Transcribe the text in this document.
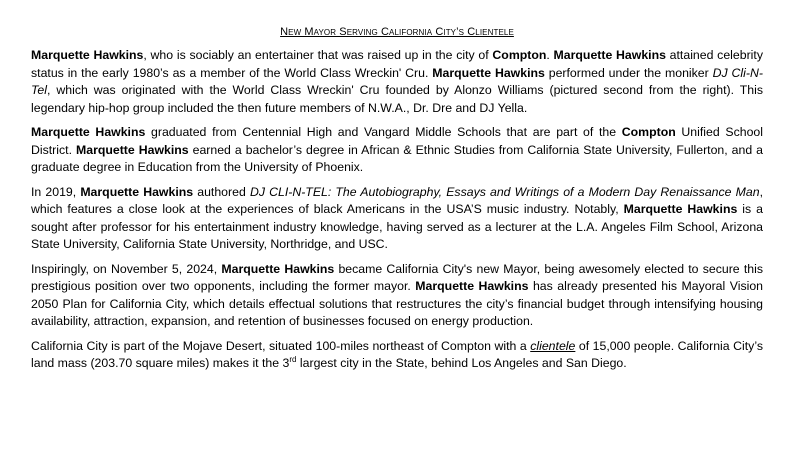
New Mayor Serving California City’s Clientele

Marquette Hawkins, who is sociably an entertainer that was raised up in the city of Compton. Marquette Hawkins attained celebrity status in the early 1980’s as a member of the World Class Wreckin' Cru. Marquette Hawkins performed under the moniker DJ Cli-N-Tel, which was originated with the World Class Wreckin' Cru founded by Alonzo Williams (pictured second from the right). This legendary hip-hop group included the then future members of N.W.A., Dr. Dre and DJ Yella.

Marquette Hawkins graduated from Centennial High and Vangard Middle Schools that are part of the Compton Unified School District. Marquette Hawkins earned a bachelor’s degree in African & Ethnic Studies from California State University, Fullerton, and a graduate degree in Education from the University of Phoenix.

In 2019, Marquette Hawkins authored DJ CLI-N-TEL: The Autobiography, Essays and Writings of a Modern Day Renaissance Man, which features a close look at the experiences of black Americans in the USA’S music industry. Notably, Marquette Hawkins is a sought after professor for his entertainment industry knowledge, having served as a lecturer at the L.A. Angeles Film School, Arizona State University, California State University, Northridge, and USC.

Inspiringly, on November 5, 2024, Marquette Hawkins became California City's new Mayor, being awesomely elected to secure this prestigious position over two opponents, including the former mayor. Marquette Hawkins has already presented his Mayoral Vision 2050 Plan for California City, which details effectual solutions that restructures the city’s financial budget through intensifying housing availability, attraction, expansion, and retention of businesses focused on energy production.

California City is part of the Mojave Desert, situated 100-miles northeast of Compton with a clientele of 15,000 people. California City’s land mass (203.70 square miles) makes it the 3rd largest city in the State, behind Los Angeles and San Diego.
